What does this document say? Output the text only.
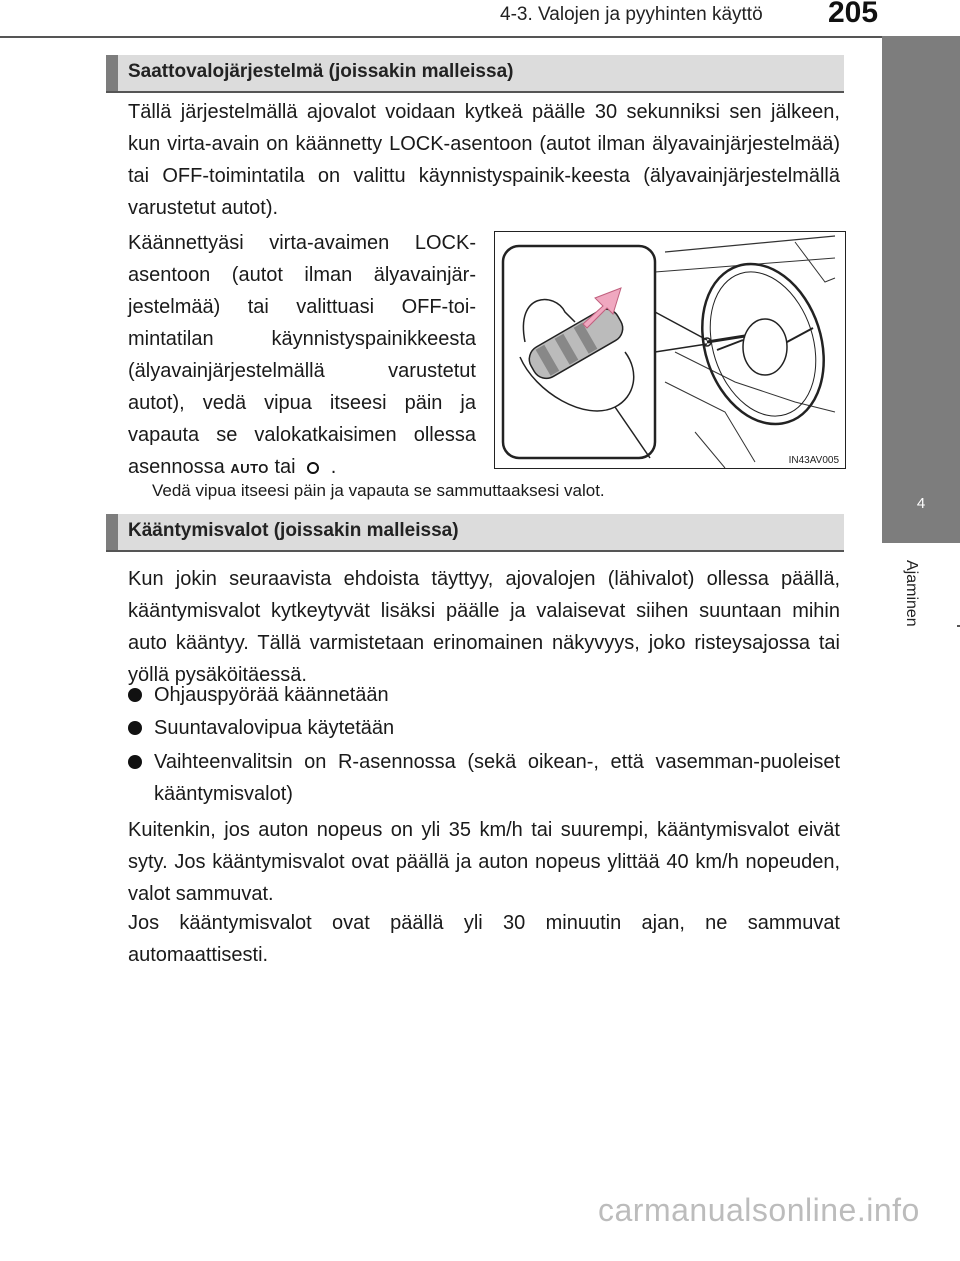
4-3. Valojen ja pyyhinten käyttö 205
4
Ajaminen
Saattovalojärjestelmä (joissakin malleissa)
Tällä järjestelmällä ajovalot voidaan kytkeä päälle 30 sekunniksi sen jälkeen, kun virta-avain on käännetty LOCK-asentoon (autot ilman älyavainjärjestelmää) tai OFF-toimintatila on valittu käynnistyspainik-keesta (älyavainjärjestelmällä varustetut autot).
Käännettyäsi virta-avaimen LOCK-asentoon (autot ilman älyavainjär-jestelmää) tai valittuasi OFF-toi-mintatilan käynnistyspainikkeesta (älyavainjärjestelmällä varustetut autot), vedä vipua itseesi päin ja vapauta se valokatkaisimen ollessa asennossa AUTO tai .	IN43AV005
Vedä vipua itseesi päin ja vapauta se sammuttaaksesi valot.
Kääntymisvalot (joissakin malleissa)
Kun jokin seuraavista ehdoista täyttyy, ajovalojen (lähivalot) ollessa päällä, kääntymisvalot kytkeytyvät lisäksi päälle ja valaisevat siihen suuntaan mihin auto kääntyy. Tällä varmistetaan erinomainen näkyvyys, joko risteysajossa tai yöllä pysäköitäessä.
Ohjauspyörää käännetään
Suuntavalovipua käytetään
Vaihteenvalitsin on R-asennossa (sekä oikean-, että vasemman-puoleiset kääntymisvalot)
Kuitenkin, jos auton nopeus on yli 35 km/h tai suurempi, kääntymisvalot eivät syty. Jos kääntymisvalot ovat päällä ja auton nopeus ylittää 40 km/h nopeuden, valot sammuvat.
Jos kääntymisvalot ovat päällä yli 30 minuutin ajan, ne sammuvat automaattisesti.
carmanualsonline.info
